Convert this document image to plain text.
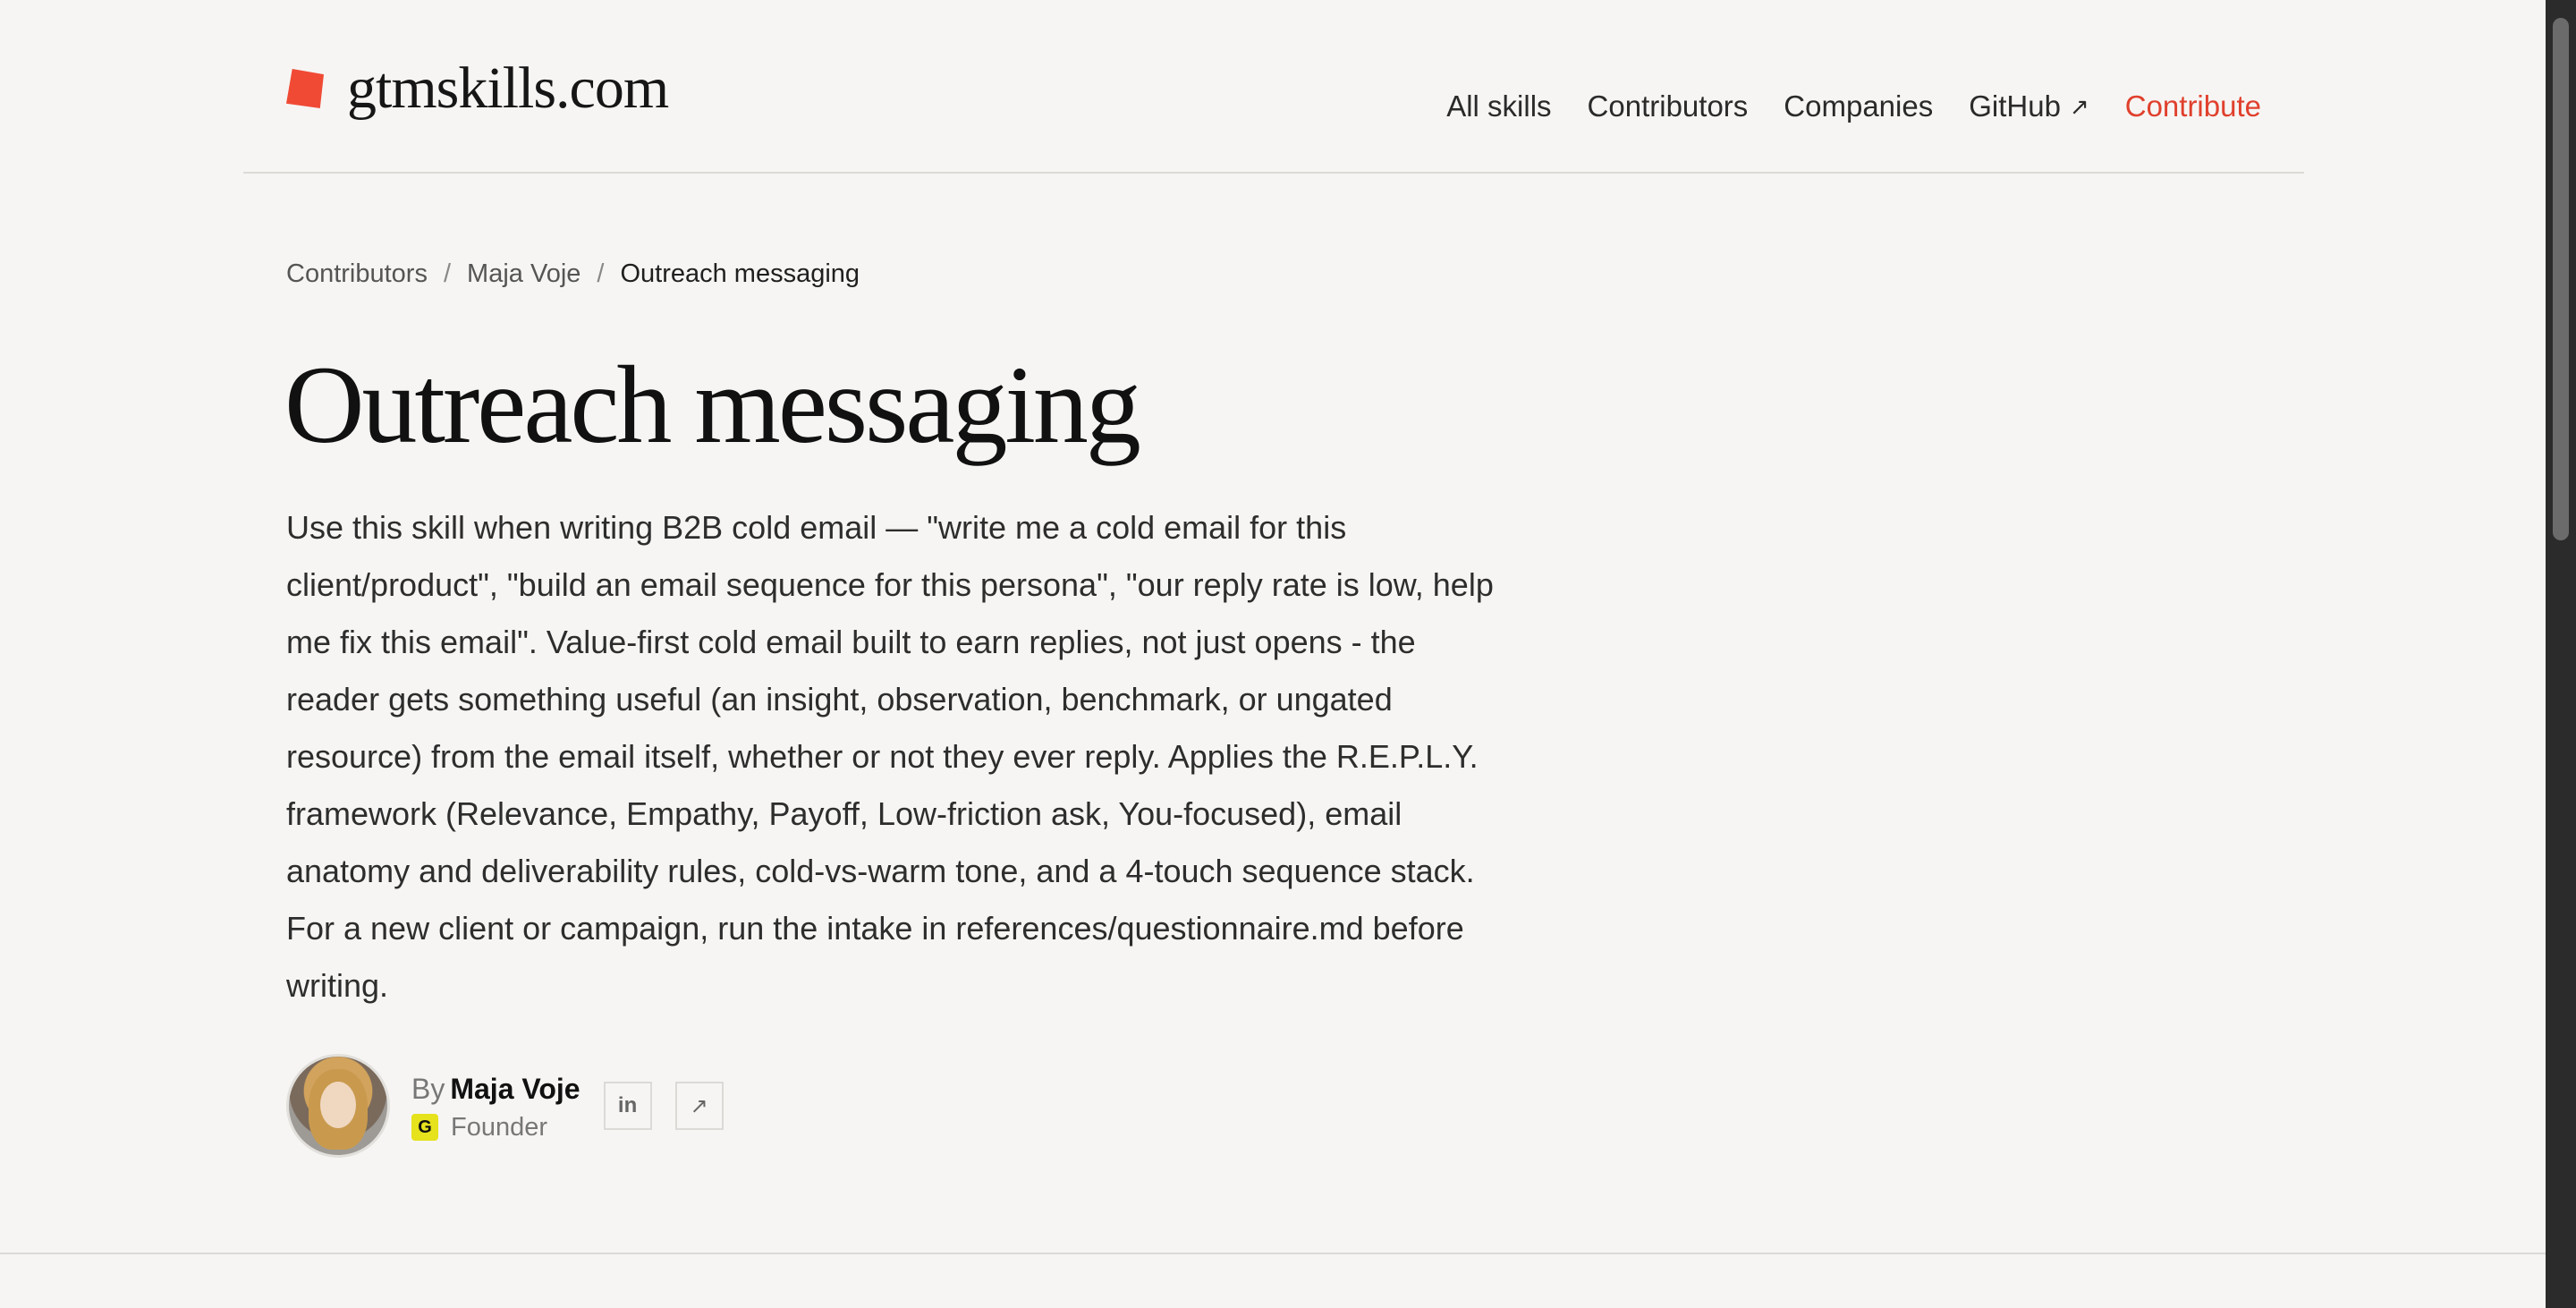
gtmskills.com	All skills Contributors Companies GitHub ↗ Contribute
Contributors / Maja Voje / Outreach messaging
Outreach messaging

Use this skill when writing B2B cold email — "write me a cold email for this client/product", "build an email sequence for this persona", "our reply rate is low, help me fix this email". Value-first cold email built to earn replies, not just opens - the reader gets something useful (an insight, observation, benchmark, or ungated resource) from the email itself, whether or not they ever reply. Applies the R.E.P.L.Y. framework (Relevance, Empathy, Payoff, Low-friction ask, You-focused), email anatomy and deliverability rules, cold-vs-warm tone, and a 4-touch sequence stack. For a new client or campaign, run the intake in references/questionnaire.md before writing.

By Maja Voje
G Founder
in	↗
